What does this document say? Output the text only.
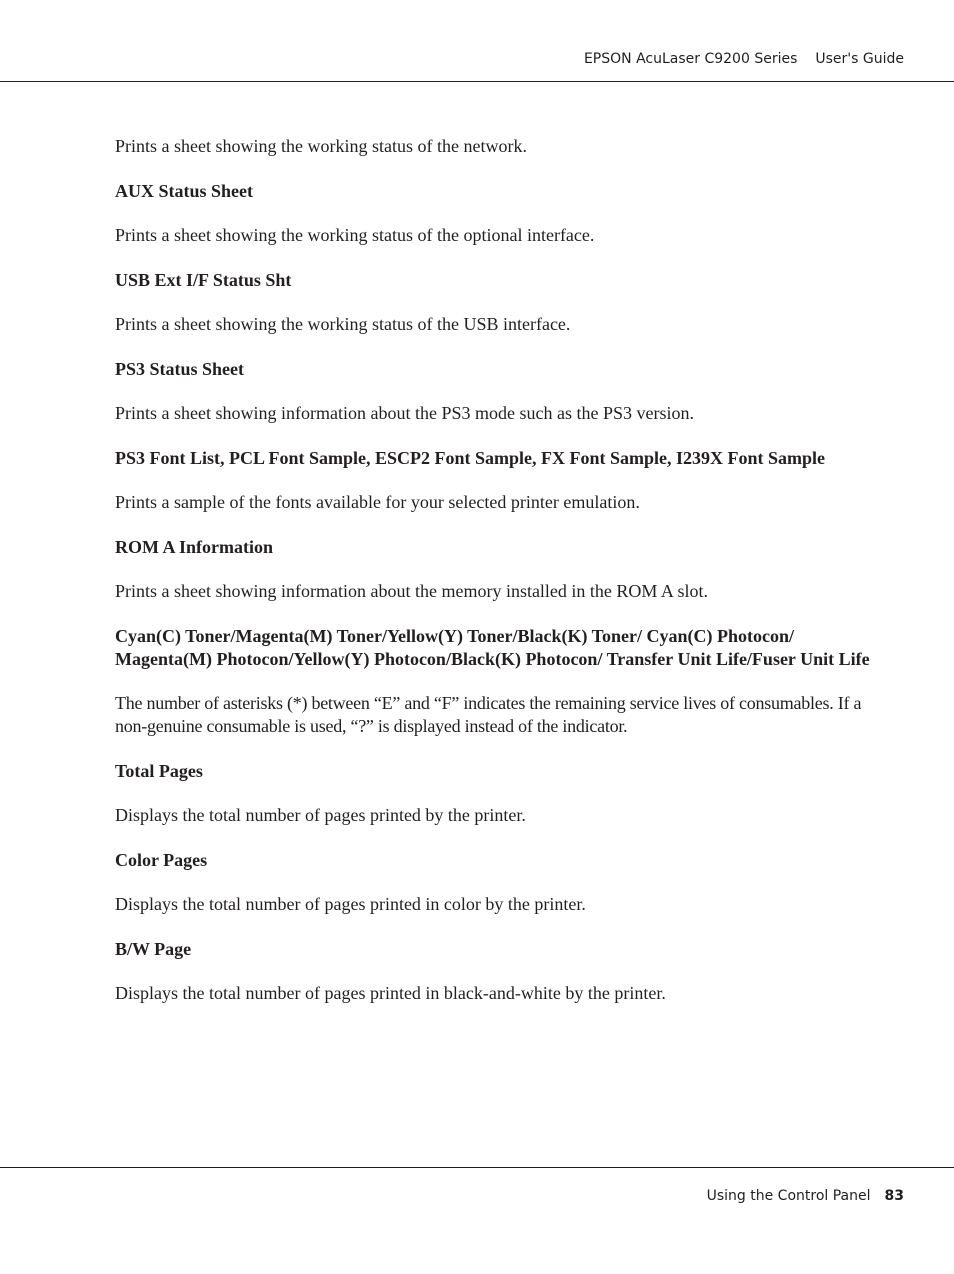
EPSON AcuLaser C9200 Series User's Guide

Prints a sheet showing the working status of the network.

AUX Status Sheet

Prints a sheet showing the working status of the optional interface.

USB Ext I/F Status Sht

Prints a sheet showing the working status of the USB interface.

PS3 Status Sheet

Prints a sheet showing information about the PS3 mode such as the PS3 version.

PS3 Font List, PCL Font Sample, ESCP2 Font Sample, FX Font Sample, I239X Font Sample

Prints a sample of the fonts available for your selected printer emulation.

ROM A Information

Prints a sheet showing information about the memory installed in the ROM A slot.

Cyan(C) Toner/Magenta(M) Toner/Yellow(Y) Toner/Black(K) Toner/ Cyan(C) Photocon/ Magenta(M) Photocon/Yellow(Y) Photocon/Black(K) Photocon/ Transfer Unit Life/Fuser Unit Life

The number of asterisks (*) between “E” and “F” indicates the remaining service lives of consumables. If a non-genuine consumable is used, “?” is displayed instead of the indicator.

Total Pages

Displays the total number of pages printed by the printer.

Color Pages

Displays the total number of pages printed in color by the printer.

B/W Page

Displays the total number of pages printed in black-and-white by the printer.

Using the Control Panel 83
